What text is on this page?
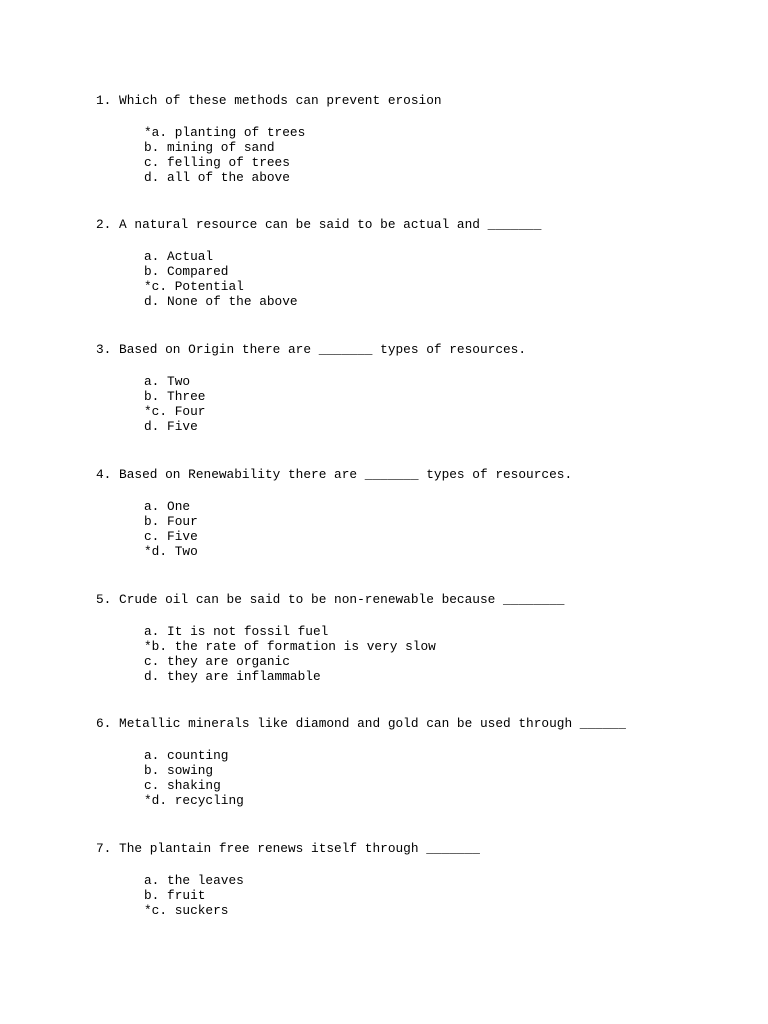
1. Which of these methods can prevent erosion

*a. planting of trees
b. mining of sand
c. felling of trees
d. all of the above

2. A natural resource can be said to be actual and _______

a. Actual
b. Compared
*c. Potential
d. None of the above

3. Based on Origin there are _______ types of resources.

a. Two
b. Three
*c. Four
d. Five

4. Based on Renewability there are _______ types of resources.

a. One
b. Four
c. Five
*d. Two

5. Crude oil can be said to be non-renewable because ________

a. It is not fossil fuel
*b. the rate of formation is very slow
c. they are organic
d. they are inflammable

6. Metallic minerals like diamond and gold can be used through ______

a. counting
b. sowing
c. shaking
*d. recycling

7. The plantain free renews itself through _______

a. the leaves
b. fruit
*c. suckers
